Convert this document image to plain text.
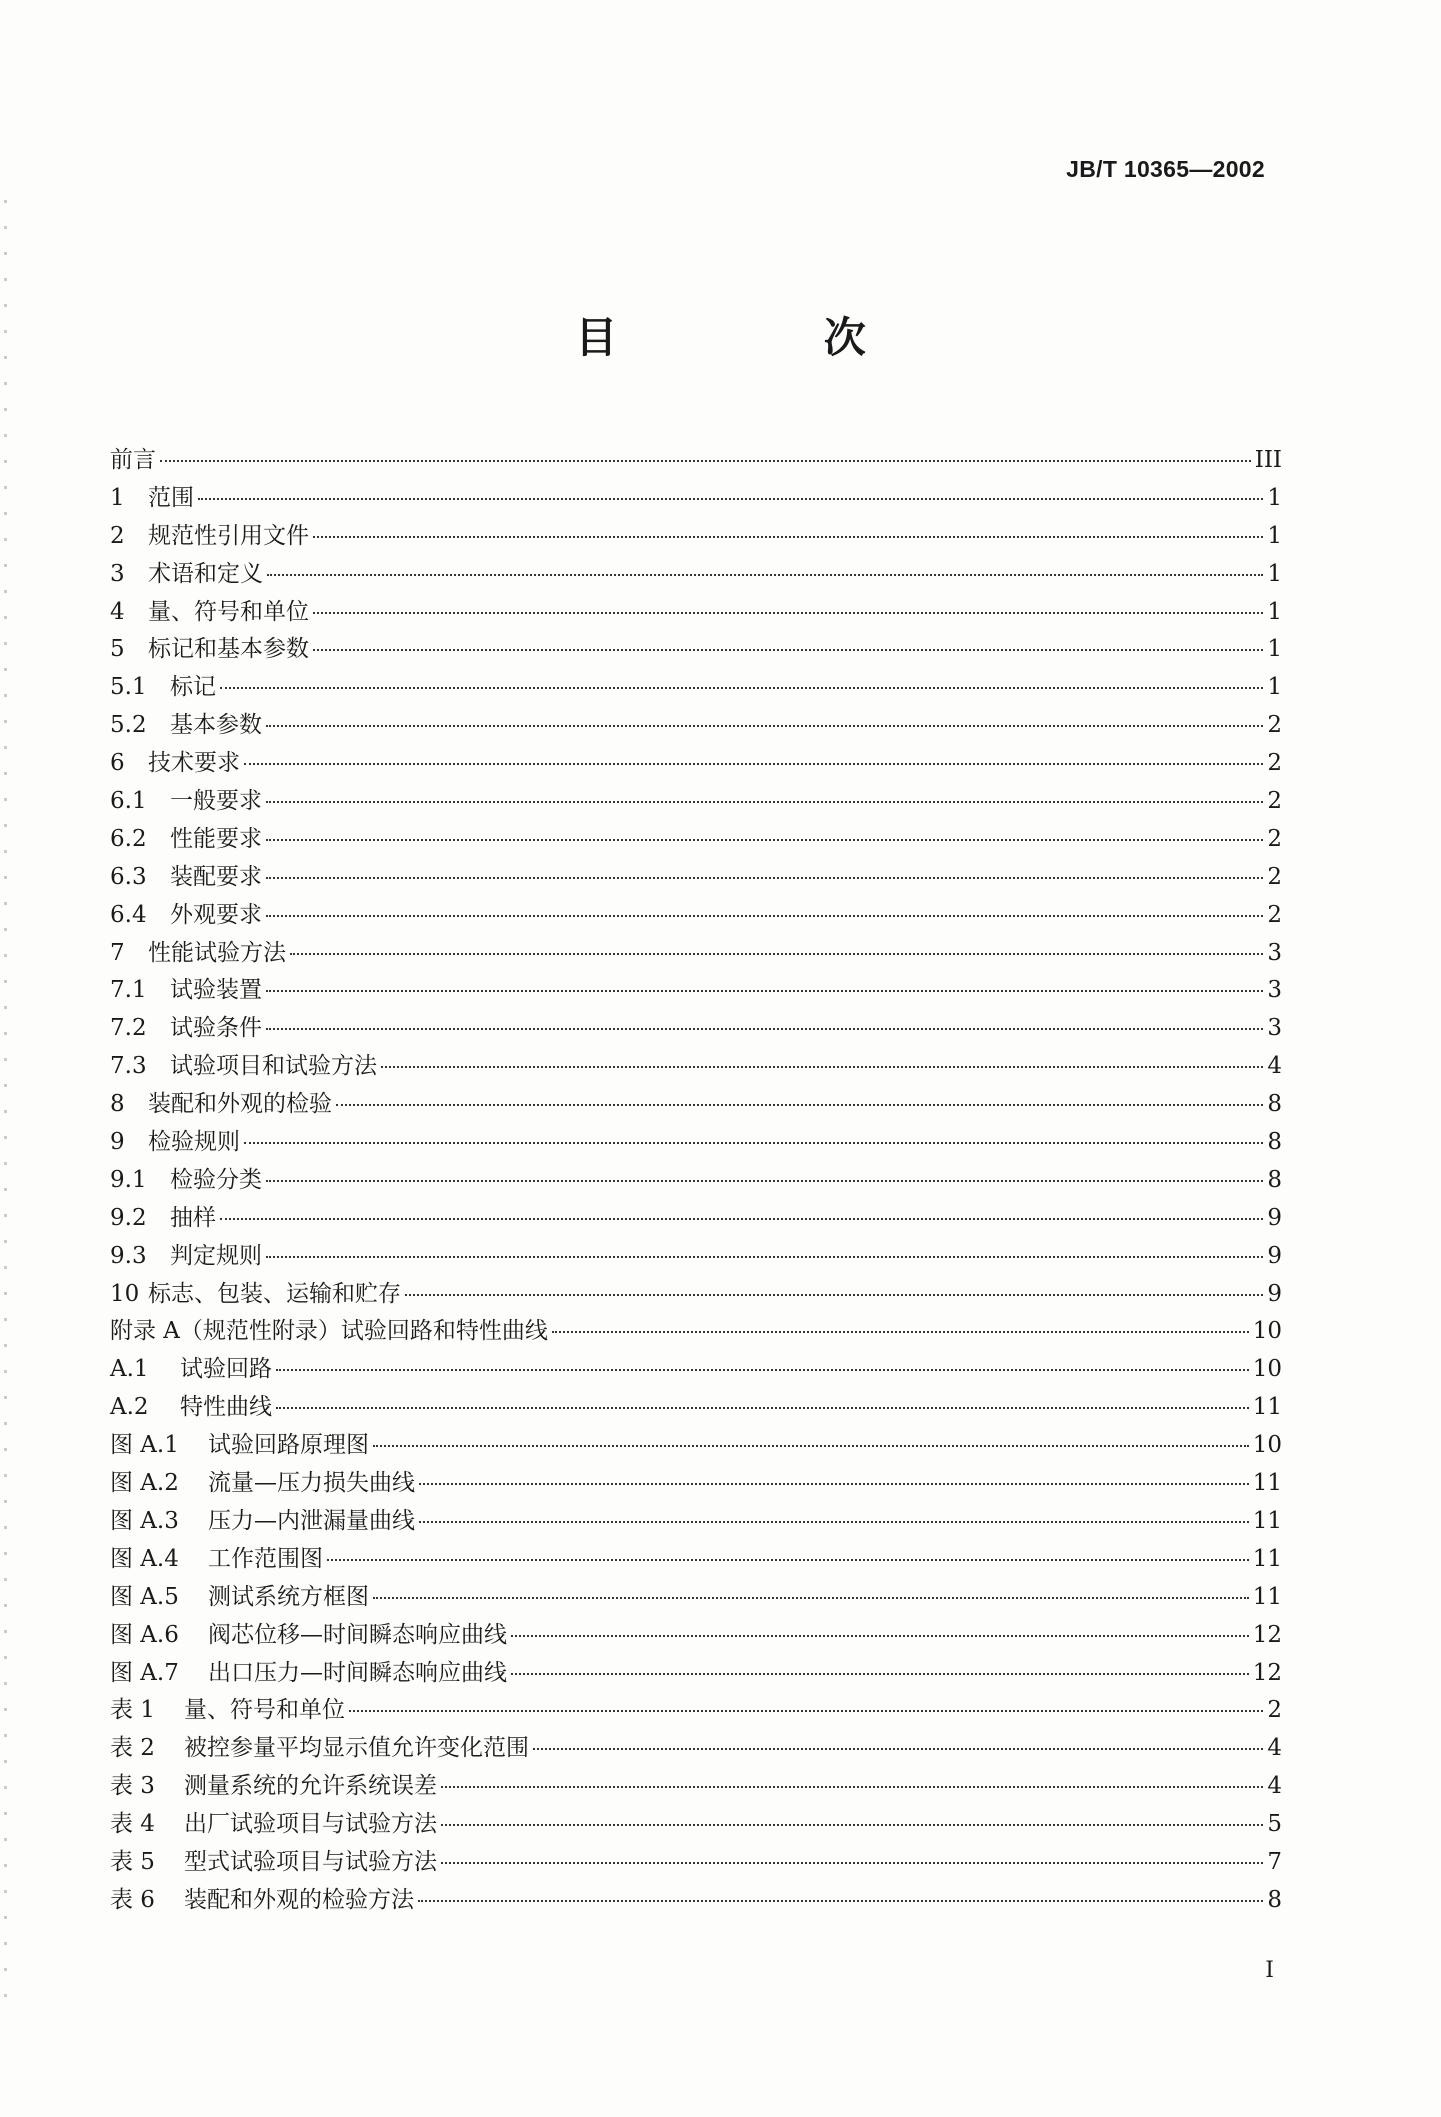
JB/T 10365—2002
目 次
前言	III
1	范围	1
2	规范性引用文件	1
3	术语和定义	1
4	量、符号和单位	1
5	标记和基本参数	1
5.1	标记	1
5.2	基本参数	2
6	技术要求	2
6.1	一般要求	2
6.2	性能要求	2
6.3	装配要求	2
6.4	外观要求	2
7	性能试验方法	3
7.1	试验装置	3
7.2	试验条件	3
7.3	试验项目和试验方法	4
8	装配和外观的检验	8
9	检验规则	8
9.1	检验分类	8
9.2	抽样	9
9.3	判定规则	9
10 标志、包装、运输和贮存	9
附录 A（规范性附录）试验回路和特性曲线	10
A.1	试验回路	10
A.2	特性曲线	11
图 A.1	试验回路原理图	10
图 A.2	流量—压力损失曲线	11
图 A.3	压力—内泄漏量曲线	11
图 A.4	工作范围图	11
图 A.5	测试系统方框图	11
图 A.6	阀芯位移—时间瞬态响应曲线	12
图 A.7	出口压力—时间瞬态响应曲线	12
表 1	量、符号和单位	2
表 2	被控参量平均显示值允许变化范围	4
表 3	测量系统的允许系统误差	4
表 4	出厂试验项目与试验方法	5
表 5	型式试验项目与试验方法	7
表 6	装配和外观的检验方法	8
I
